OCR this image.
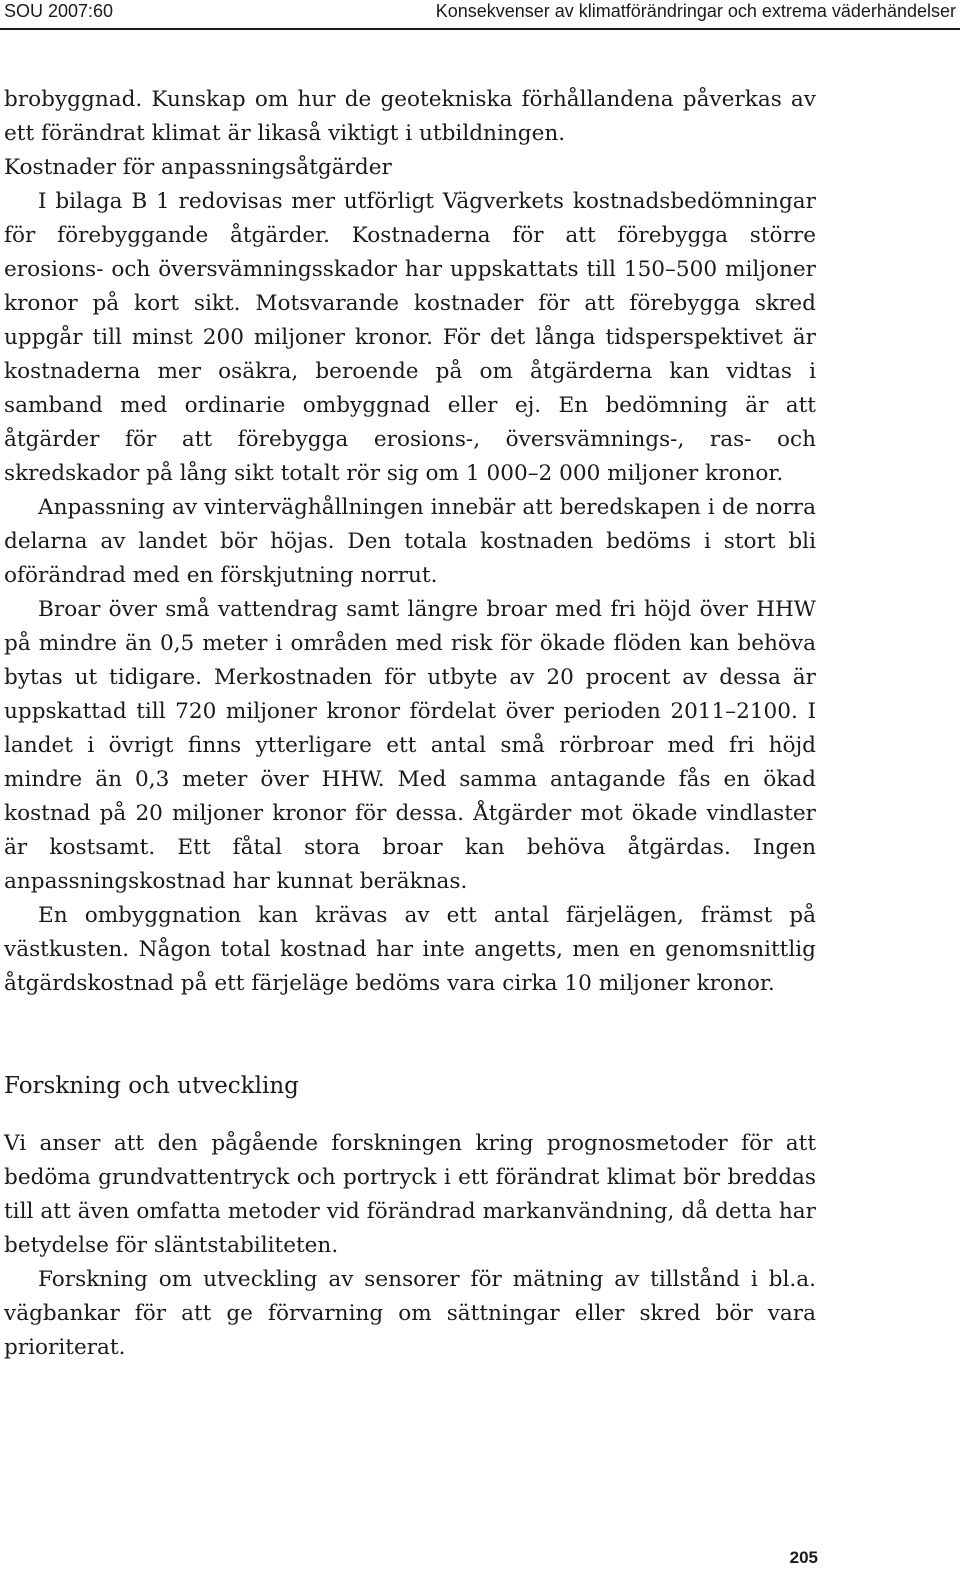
SOU 2007:60	Konsekvenser av klimatförändringar och extrema väderhändelser

brobyggnad. Kunskap om hur de geotekniska förhållandena påverkas av ett förändrat klimat är likaså viktigt i utbildningen.

Kostnader för anpassningsåtgärder

I bilaga B 1 redovisas mer utförligt Vägverkets kostnadsbedömningar för förebyggande åtgärder. Kostnaderna för att förebygga större erosions- och översvämningsskador har uppskattats till 150–500 miljoner kronor på kort sikt. Motsvarande kostnader för att förebygga skred uppgår till minst 200 miljoner kronor. För det långa tidsperspektivet är kostnaderna mer osäkra, beroende på om åtgärderna kan vidtas i samband med ordinarie ombyggnad eller ej. En bedömning är att åtgärder för att förebygga erosions-, översvämnings-, ras- och skredskador på lång sikt totalt rör sig om 1 000–2 000 miljoner kronor.

Anpassning av vinterväghållningen innebär att beredskapen i de norra delarna av landet bör höjas. Den totala kostnaden bedöms i stort bli oförändrad med en förskjutning norrut.

Broar över små vattendrag samt längre broar med fri höjd över HHW på mindre än 0,5 meter i områden med risk för ökade flöden kan behöva bytas ut tidigare. Merkostnaden för utbyte av 20 procent av dessa är uppskattad till 720 miljoner kronor fördelat över perioden 2011–2100. I landet i övrigt finns ytterligare ett antal små rörbroar med fri höjd mindre än 0,3 meter över HHW. Med samma antagande fås en ökad kostnad på 20 miljoner kronor för dessa. Åtgärder mot ökade vindlaster är kostsamt. Ett fåtal stora broar kan behöva åtgärdas. Ingen anpassningskostnad har kunnat beräknas.

En ombyggnation kan krävas av ett antal färjelägen, främst på västkusten. Någon total kostnad har inte angetts, men en genomsnittlig åtgärdskostnad på ett färjeläge bedöms vara cirka 10 miljoner kronor.

Forskning och utveckling

Vi anser att den pågående forskningen kring prognosmetoder för att bedöma grundvattentryck och portryck i ett förändrat klimat bör breddas till att även omfatta metoder vid förändrad markanvändning, då detta har betydelse för släntstabiliteten.

Forskning om utveckling av sensorer för mätning av tillstånd i bl.a. vägbankar för att ge förvarning om sättningar eller skred bör vara prioriterat.

205
